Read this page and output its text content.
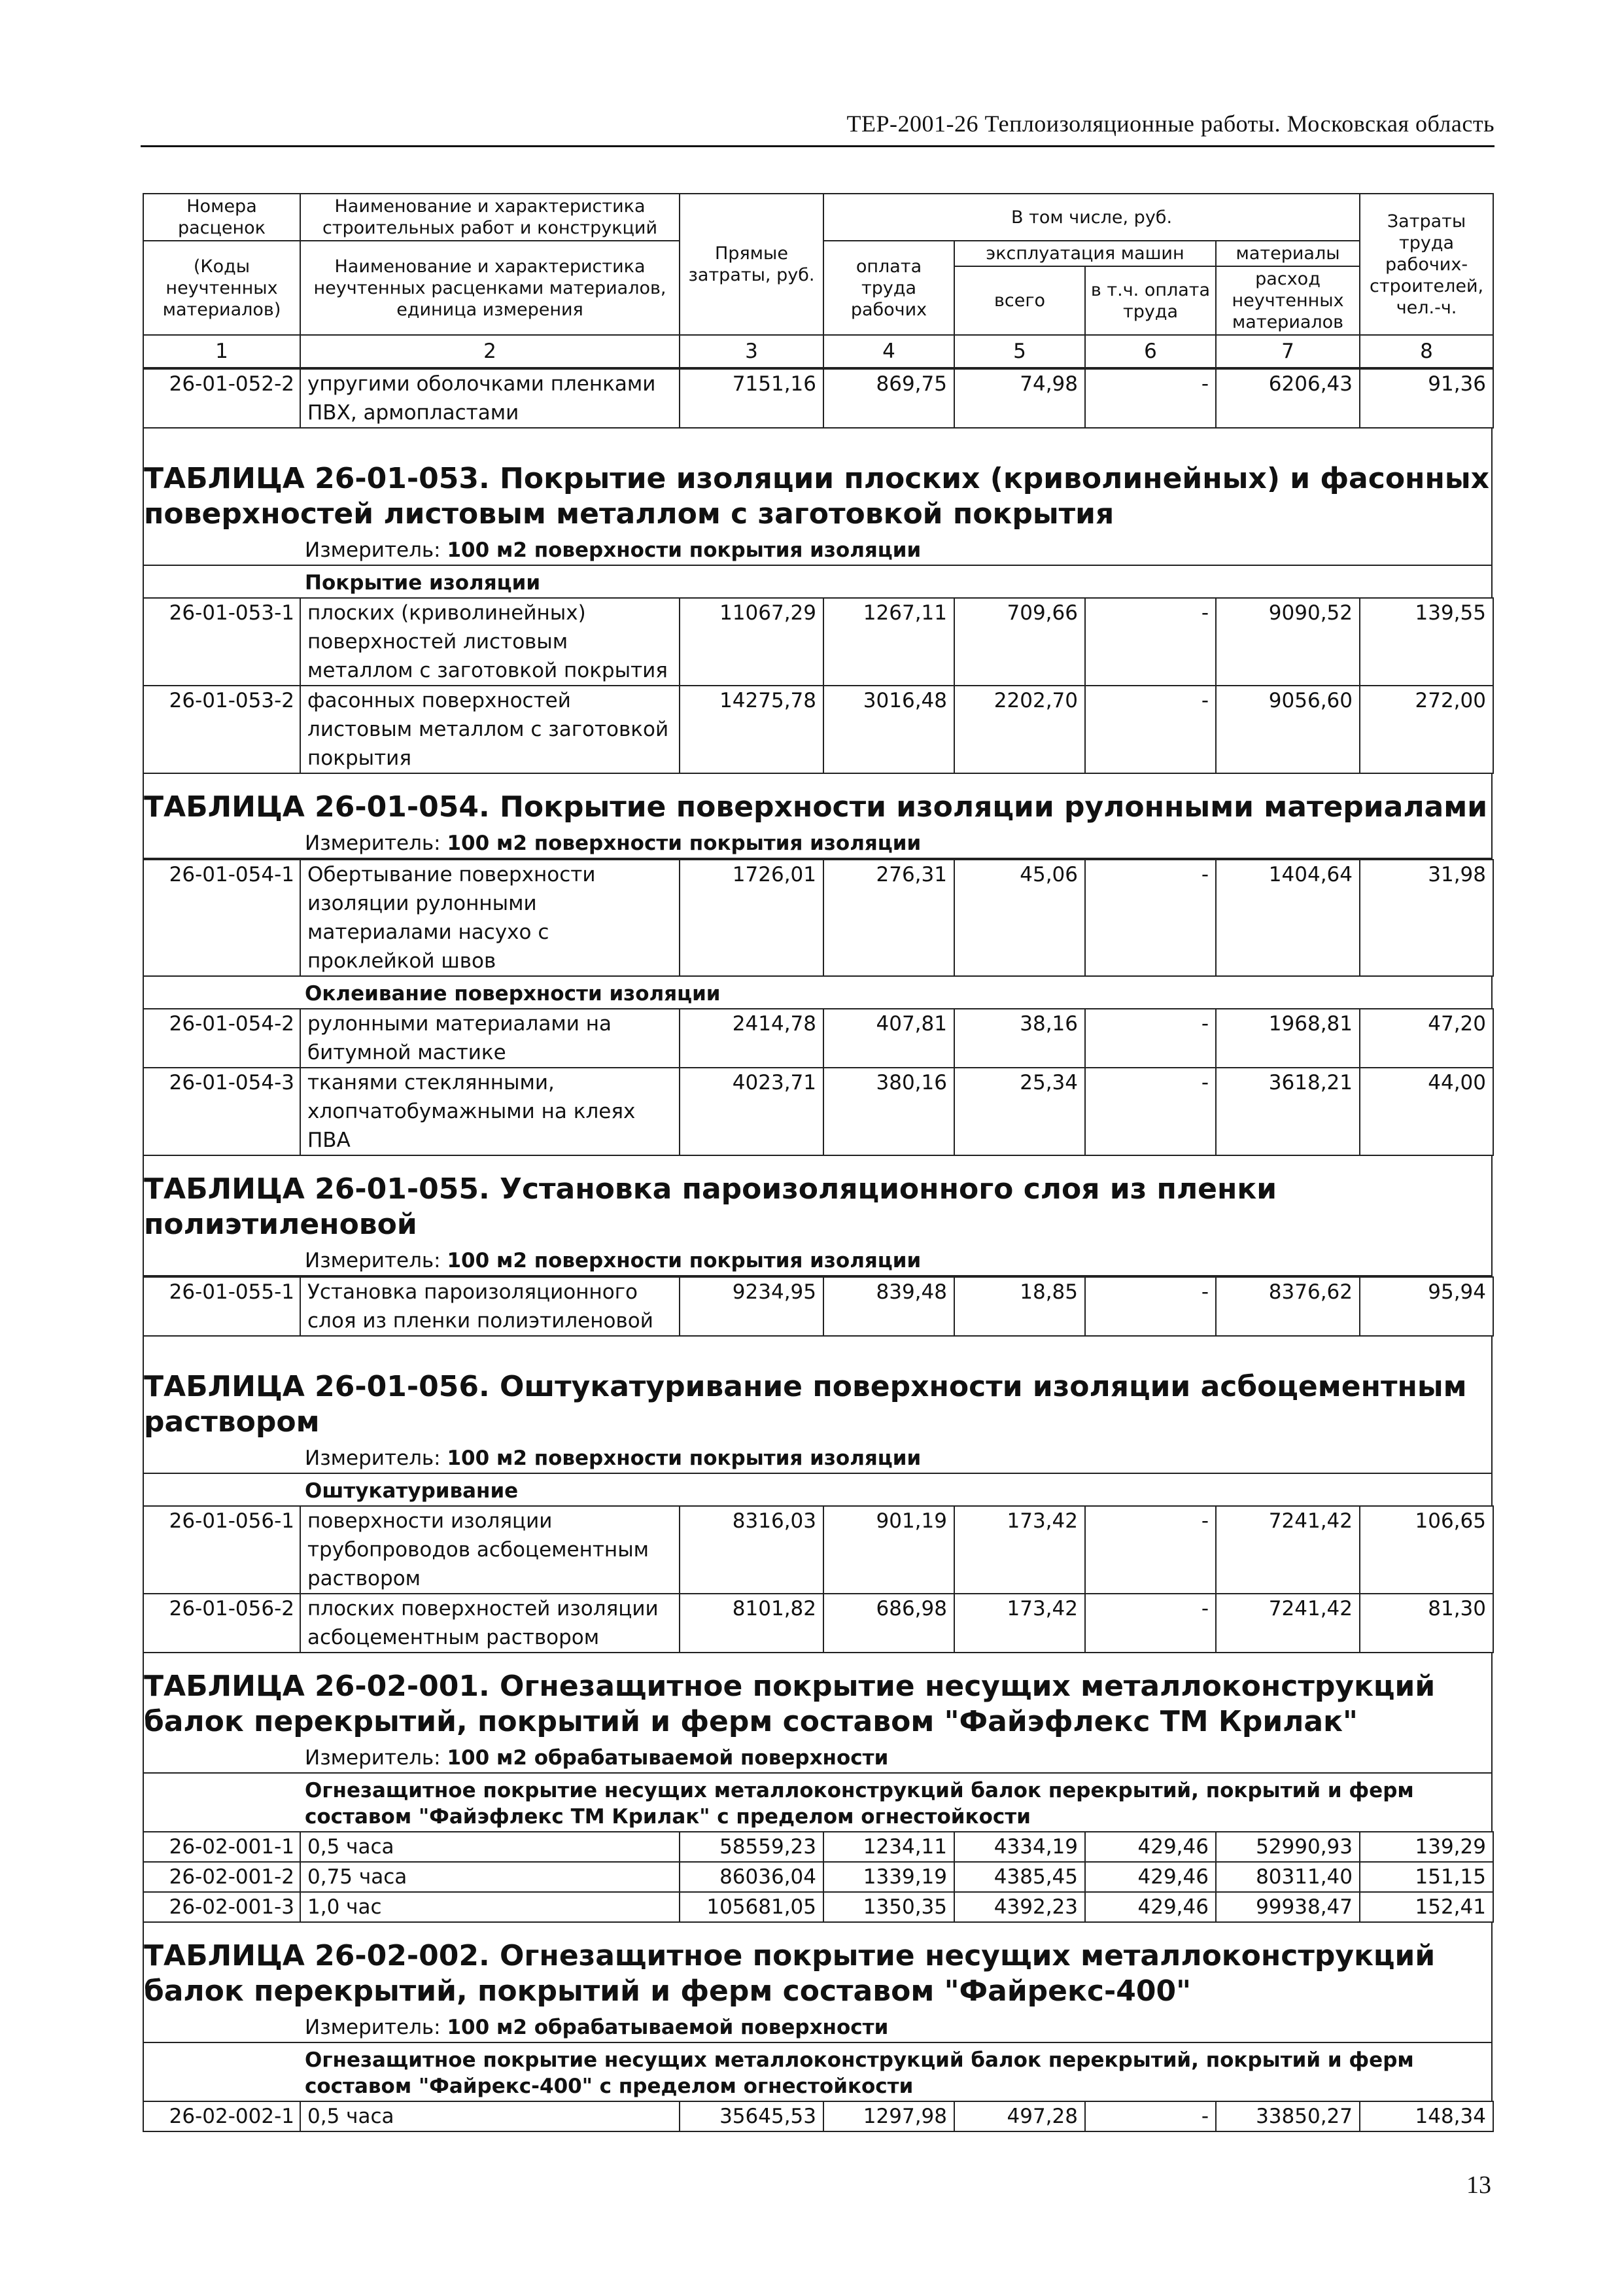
ТЕР-2001-26 Теплоизоляционные работы. Московская область
Номера расценок	Наименование и характеристика строительных работ и конструкций	Прямые затраты, руб.	В том числе, руб.				Затраты труда рабочих-строителей, чел.-ч.
(Коды неучтенных материалов)	Наименование и характеристика неучтенных расценками материалов, единица измерения		оплата труда рабочих	эксплуатация машин		материалы	
				всего	в т.ч. оплата труда	расход неучтенных материалов	
1	2	3	4	5	6	7	8
26-01-052-2	упругими оболочками пленками	7151,16	869,75	74,98	-	6206,43	91,36
	ПВХ, армопластами						
ТАБЛИЦА 26-01-053. Покрытие изоляции плоских (криволинейных) и фасонных поверхностей листовым металлом с заготовкой покрытия
Измеритель: 100 м2 поверхности покрытия изоляции
Покрытие изоляции
26-01-053-1	плоских (криволинейных)	11067,29	1267,11	709,66	-	9090,52	139,55
	поверхностей листовым						
	металлом с заготовкой покрытия						
26-01-053-2	фасонных поверхностей	14275,78	3016,48	2202,70	-	9056,60	272,00
	листовым металлом с заготовкой						
	покрытия						
ТАБЛИЦА 26-01-054. Покрытие поверхности изоляции рулонными материалами
Измеритель: 100 м2 поверхности покрытия изоляции
26-01-054-1	Обертывание поверхности	1726,01	276,31	45,06	-	1404,64	31,98
	изоляции рулонными						
	материалами насухо с						
	проклейкой швов						
Оклеивание поверхности изоляции
26-01-054-2	рулонными материалами на	2414,78	407,81	38,16	-	1968,81	47,20
	битумной мастике						
26-01-054-3	тканями стеклянными,	4023,71	380,16	25,34	-	3618,21	44,00
	хлопчатобумажными на клеях						
	ПВА						
ТАБЛИЦА 26-01-055. Установка пароизоляционного слоя из пленки полиэтиленовой
Измеритель: 100 м2 поверхности покрытия изоляции
26-01-055-1	Установка пароизоляционного	9234,95	839,48	18,85	-	8376,62	95,94
	слоя из пленки полиэтиленовой						
ТАБЛИЦА 26-01-056. Оштукатуривание поверхности изоляции асбоцементным раствором
Измеритель: 100 м2 поверхности покрытия изоляции
Оштукатуривание
26-01-056-1	поверхности изоляции	8316,03	901,19	173,42	-	7241,42	106,65
	трубопроводов асбоцементным						
	раствором						
26-01-056-2	плоских поверхностей изоляции	8101,82	686,98	173,42	-	7241,42	81,30
	асбоцементным раствором						
ТАБЛИЦА 26-02-001. Огнезащитное покрытие несущих металлоконструкций балок перекрытий, покрытий и ферм составом "Файэфлекс ТМ Крилак"
Измеритель: 100 м2 обрабатываемой поверхности
Огнезащитное покрытие несущих металлоконструкций балок перекрытий, покрытий и ферм
составом "Файэфлекс ТМ Крилак" с пределом огнестойкости
26-02-001-1	0,5 часа	58559,23	1234,11	4334,19	429,46	52990,93	139,29
26-02-001-2	0,75 часа	86036,04	1339,19	4385,45	429,46	80311,40	151,15
26-02-001-3	1,0 час	105681,05	1350,35	4392,23	429,46	99938,47	152,41
ТАБЛИЦА 26-02-002. Огнезащитное покрытие несущих металлоконструкций балок перекрытий, покрытий и ферм составом "Файрекс-400"
Измеритель: 100 м2 обрабатываемой поверхности
Огнезащитное покрытие несущих металлоконструкций балок перекрытий, покрытий и ферм
составом "Файрекс-400" с пределом огнестойкости
26-02-002-1	0,5 часа	35645,53	1297,98	497,28	-	33850,27	148,34
13
